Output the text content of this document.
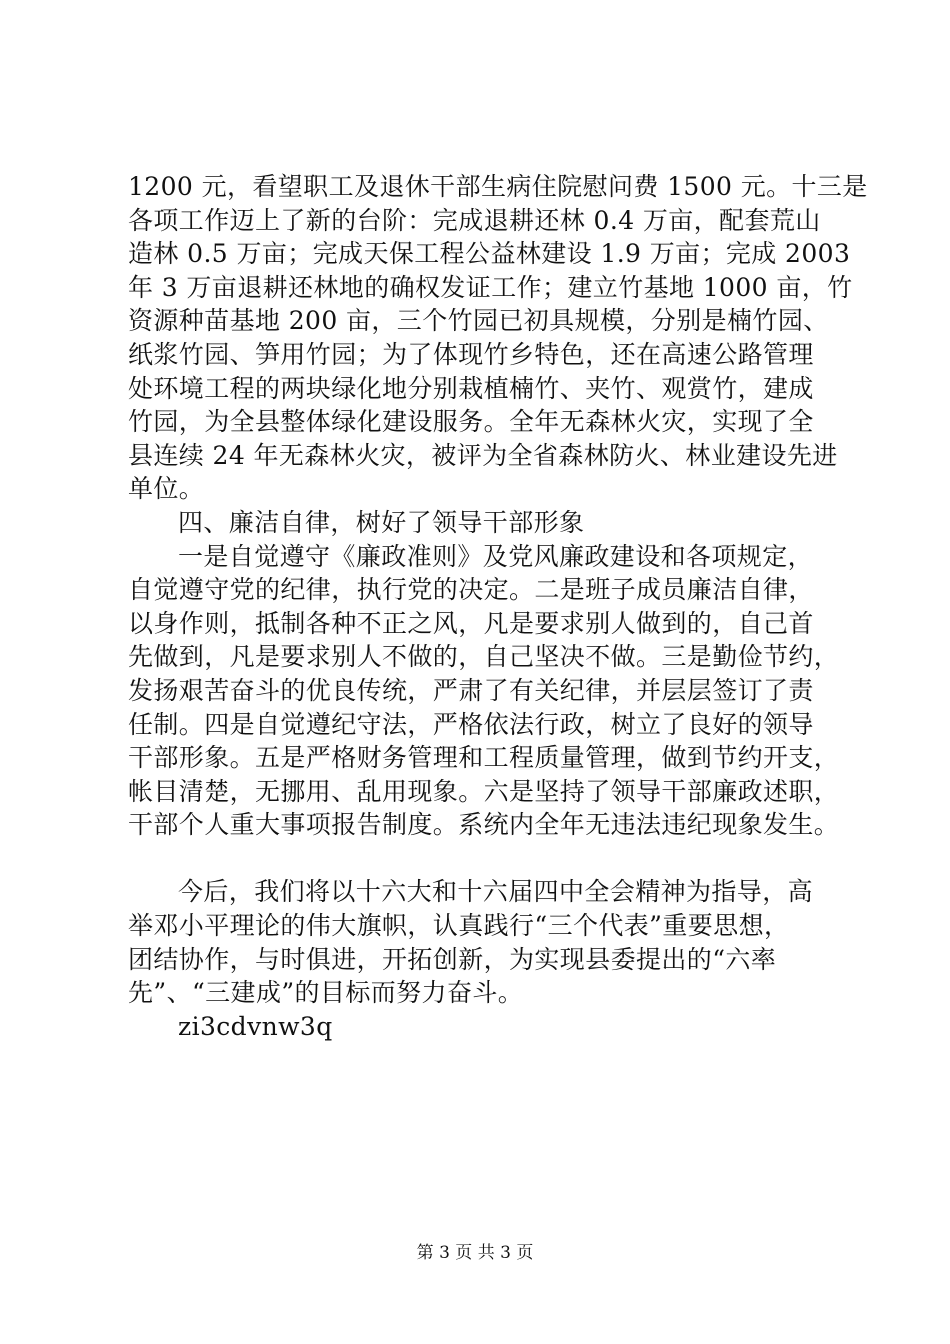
1200 元，看望职工及退休干部生病住院慰问费 1500 元。十三是
各项工作迈上了新的台阶：完成退耕还林 0.4 万亩，配套荒山
造林 0.5 万亩；完成天保工程公益林建设 1.9 万亩；完成 2003
年 3 万亩退耕还林地的确权发证工作；建立竹基地 1000 亩，竹
资源种苗基地 200 亩，三个竹园已初具规模，分别是楠竹园、
纸浆竹园、笋用竹园；为了体现竹乡特色，还在高速公路管理
处环境工程的两块绿化地分别栽植楠竹、夹竹、观赏竹，建成
竹园，为全县整体绿化建设服务。全年无森林火灾，实现了全
县连续 24 年无森林火灾，被评为全省森林防火、林业建设先进
单位。
四、廉洁自律，树好了领导干部形象
一是自觉遵守《廉政准则》及党风廉政建设和各项规定，
自觉遵守党的纪律，执行党的决定。二是班子成员廉洁自律，
以身作则，抵制各种不正之风，凡是要求别人做到的，自己首
先做到，凡是要求别人不做的，自己坚决不做。三是勤俭节约，
发扬艰苦奋斗的优良传统，严肃了有关纪律，并层层签订了责
任制。四是自觉遵纪守法，严格依法行政，树立了良好的领导
干部形象。五是严格财务管理和工程质量管理，做到节约开支，
帐目清楚，无挪用、乱用现象。六是坚持了领导干部廉政述职，
干部个人重大事项报告制度。系统内全年无违法违纪现象发生。
今后，我们将以十六大和十六届四中全会精神为指导，高
举邓小平理论的伟大旗帜，认真践行“三个代表”重要思想，
团结协作，与时俱进，开拓创新，为实现县委提出的“六率
先”、“三建成”的目标而努力奋斗。
zi3cdvnw3q
第 3 页 共 3 页
